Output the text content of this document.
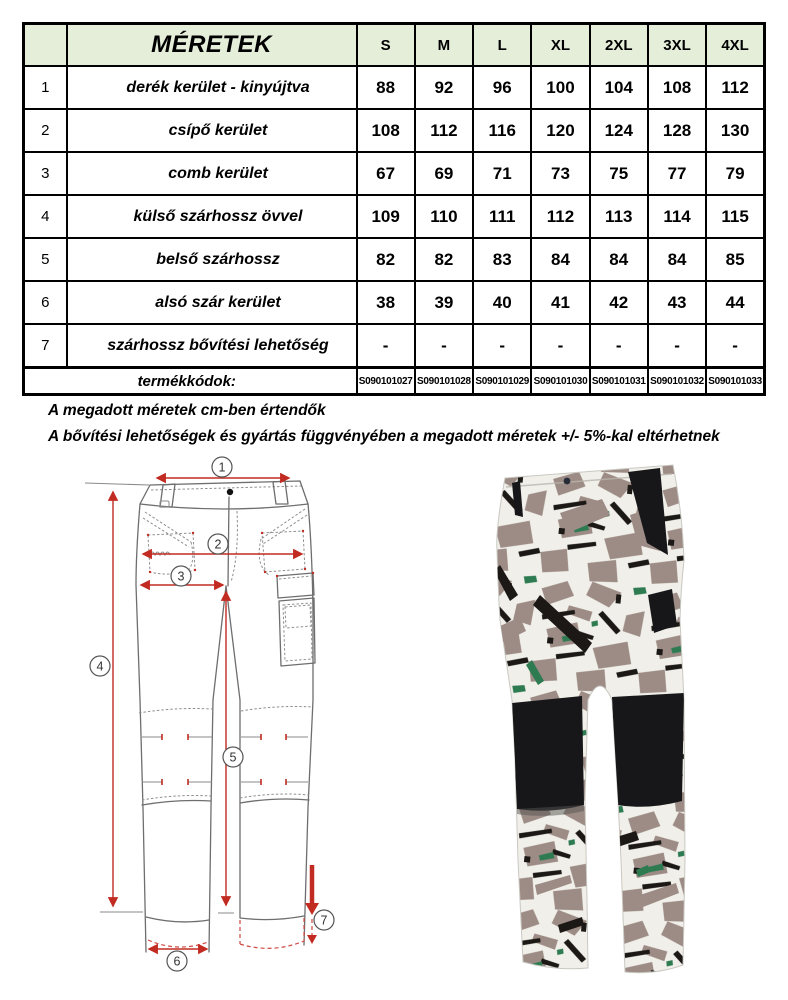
	MÉRETEK	S	M	L	XL	2XL	3XL	4XL
1	derék kerület - kinyújtva	88	92	96	100	104	108	112
2	csípő kerület	108	112	116	120	124	128	130
3	comb kerület	67	69	71	73	75	77	79
4	külső szárhossz övvel	109	110	111	112	113	114	115
5	belső szárhossz	82	82	83	84	84	84	85
6	alsó szár kerület	38	39	40	41	42	43	44
7	szárhossz bővítési lehetőség	-	-	-	-	-	-	-
termékkódok:		S090101027	S090101028	S090101029	S090101030	S090101031	S090101032	S090101033
A megadott méretek cm-ben értendők
A bővítési lehetőségek és gyártás függvényében a megadott méretek +/- 5%-kal eltérhetnek
1
2
3
4
5
6
7
